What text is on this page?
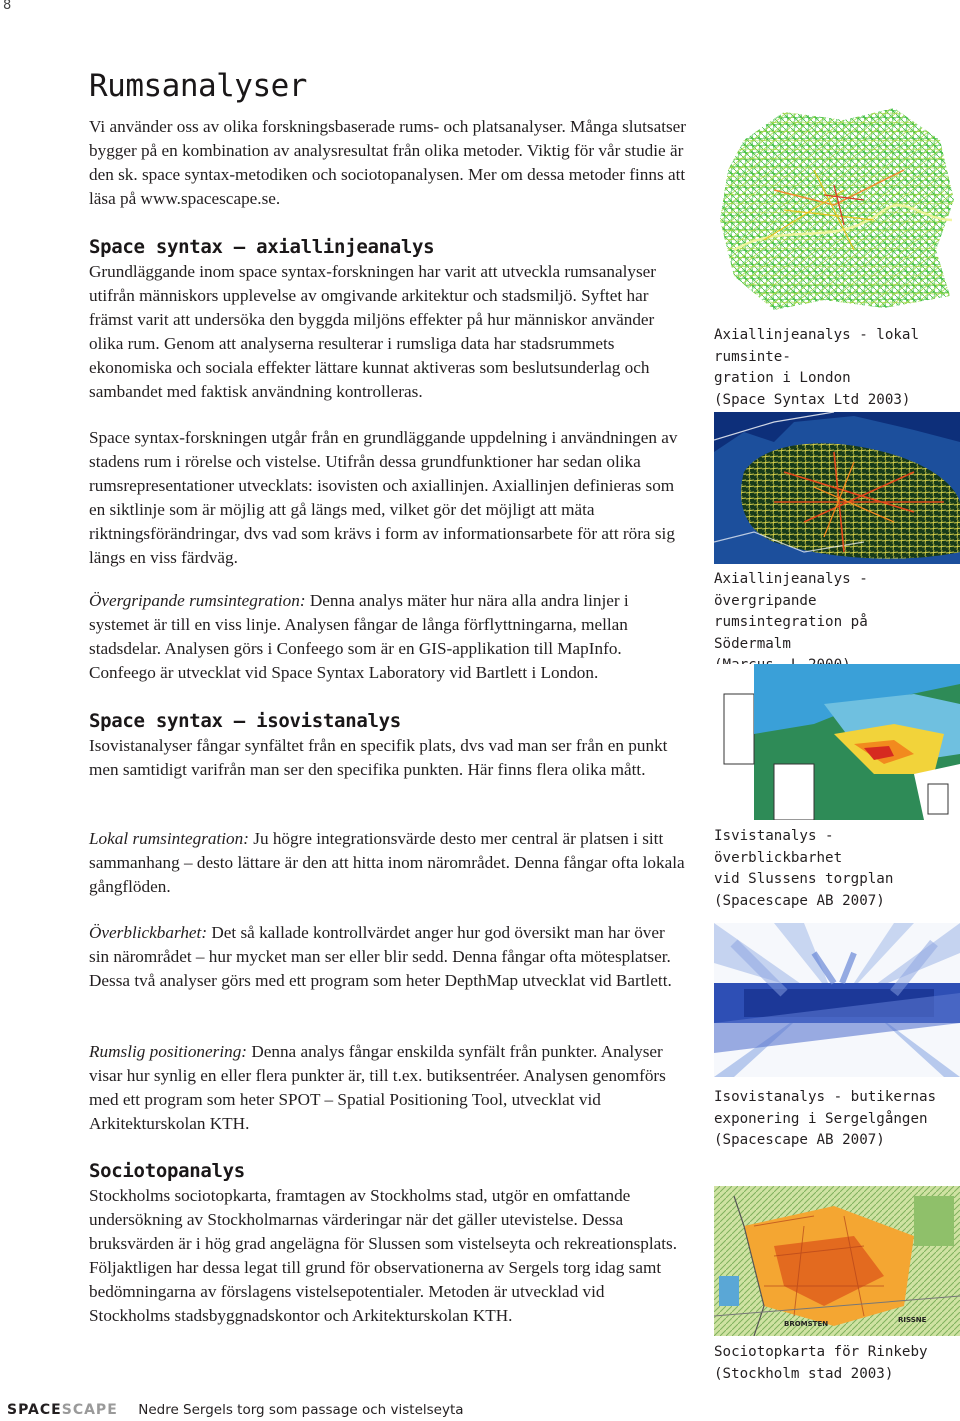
8
Rumsanalyser

Vi använder oss av olika forskningsbaserade rums- och platsanalyser. Många slutsatser bygger på en kombination av analysresultat från olika metoder. Viktig för vår studie är den sk. space syntax-metodiken och sociotopanalysen. Mer om dessa metoder finns att läsa på www.spacescape.se.

Space syntax – axiallinjeanalys

Grundläggande inom space syntax-forskningen har varit att utveckla rumsanalyser utifrån människors upplevelse av omgivande arkitektur och stadsmiljö. Syftet har främst varit att undersöka den byggda miljöns effekter på hur människor använder olika rum. Genom att analyserna resulterar i rumsliga data har stadsrummets ekonomiska och sociala effekter lättare kunnat aktiveras som beslutsunderlag och sambandet med faktisk användning kontrolleras.

Space syntax-forskningen utgår från en grundläggande uppdelning i användningen av stadens rum i rörelse och vistelse. Utifrån dessa grundfunktioner har sedan olika rumsrepresentationer utvecklats: isovisten och axiallinjen. Axiallinjen definieras som en siktlinje som är möjlig att gå längs med, vilket gör det möjligt att mäta riktningsförändringar, dvs vad som krävs i form av informationsarbete för att röra sig längs en viss färdväg.

Övergripande rumsintegration: Denna analys mäter hur nära alla andra linjer i systemet är till en viss linje. Analysen fångar de långa förflyttningarna, mellan stadsdelar. Analysen görs i Confeego som är en GIS-applikation till MapInfo. Confeego är utvecklat vid Space Syntax Laboratory vid Bartlett i London.

Space syntax – isovistanalys

Isovistanalyser fångar synfältet från en specifik plats, dvs vad man ser från en punkt men samtidigt varifrån man ser den specifika punkten. Här finns flera olika mått.

Lokal rumsintegration: Ju högre integrationsvärde desto mer central är platsen i sitt sammanhang – desto lättare är den att hitta inom närområdet. Denna fångar ofta lokala gångflöden.

Överblickbarhet: Det så kallade kontrollvärdet anger hur god översikt man har över sin närområdet – hur mycket man ser eller blir sedd. Denna fångar ofta mötesplatser. Dessa två analyser görs med ett program som heter DepthMap utvecklat vid Bartlett.

Rumslig positionering: Denna analys fångar enskilda synfält från punkter. Analyser visar hur synlig en eller flera punkter är, till t.ex. butiksentréer. Analysen genomförs med ett program som heter SPOT – Spatial Positioning Tool, utvecklat vid Arkitekturskolan KTH.

Sociotopanalys

Stockholms sociotopkarta, framtagen av Stockholms stad, utgör en omfattande undersökning av Stockholmarnas värderingar när det gäller utevistelse. Dessa bruksvärden är i hög grad angelägna för Slussen som vistelseyta och rekreationsplats. Följaktligen har dessa legat till grund för observationerna av Sergels torg idag samt bedömningarna av förslagens vistelsepotentialer. Metoden är utvecklad vid Stockholms stadsbyggnadskontor och Arkitekturskolan KTH.

Axiallinjeanalys - lokal rumsinte-
gration i London
(Space Syntax Ltd 2003)
Axiallinjeanalys - övergripande
rumsintegration på Södermalm
Isvistanalys - överblickbarhet
vid Slussens torgplan
(Spacescape AB 2007)
Isovistanalys - butikernas
exponering i Sergelgången
(Spacescape AB 2007)
RISSNE
BROMSTEN
Sociotopkarta för Rinkeby
(Stockholm stad 2003)
SPACESCAPE Nedre Sergels torg som passage och vistelseyta
